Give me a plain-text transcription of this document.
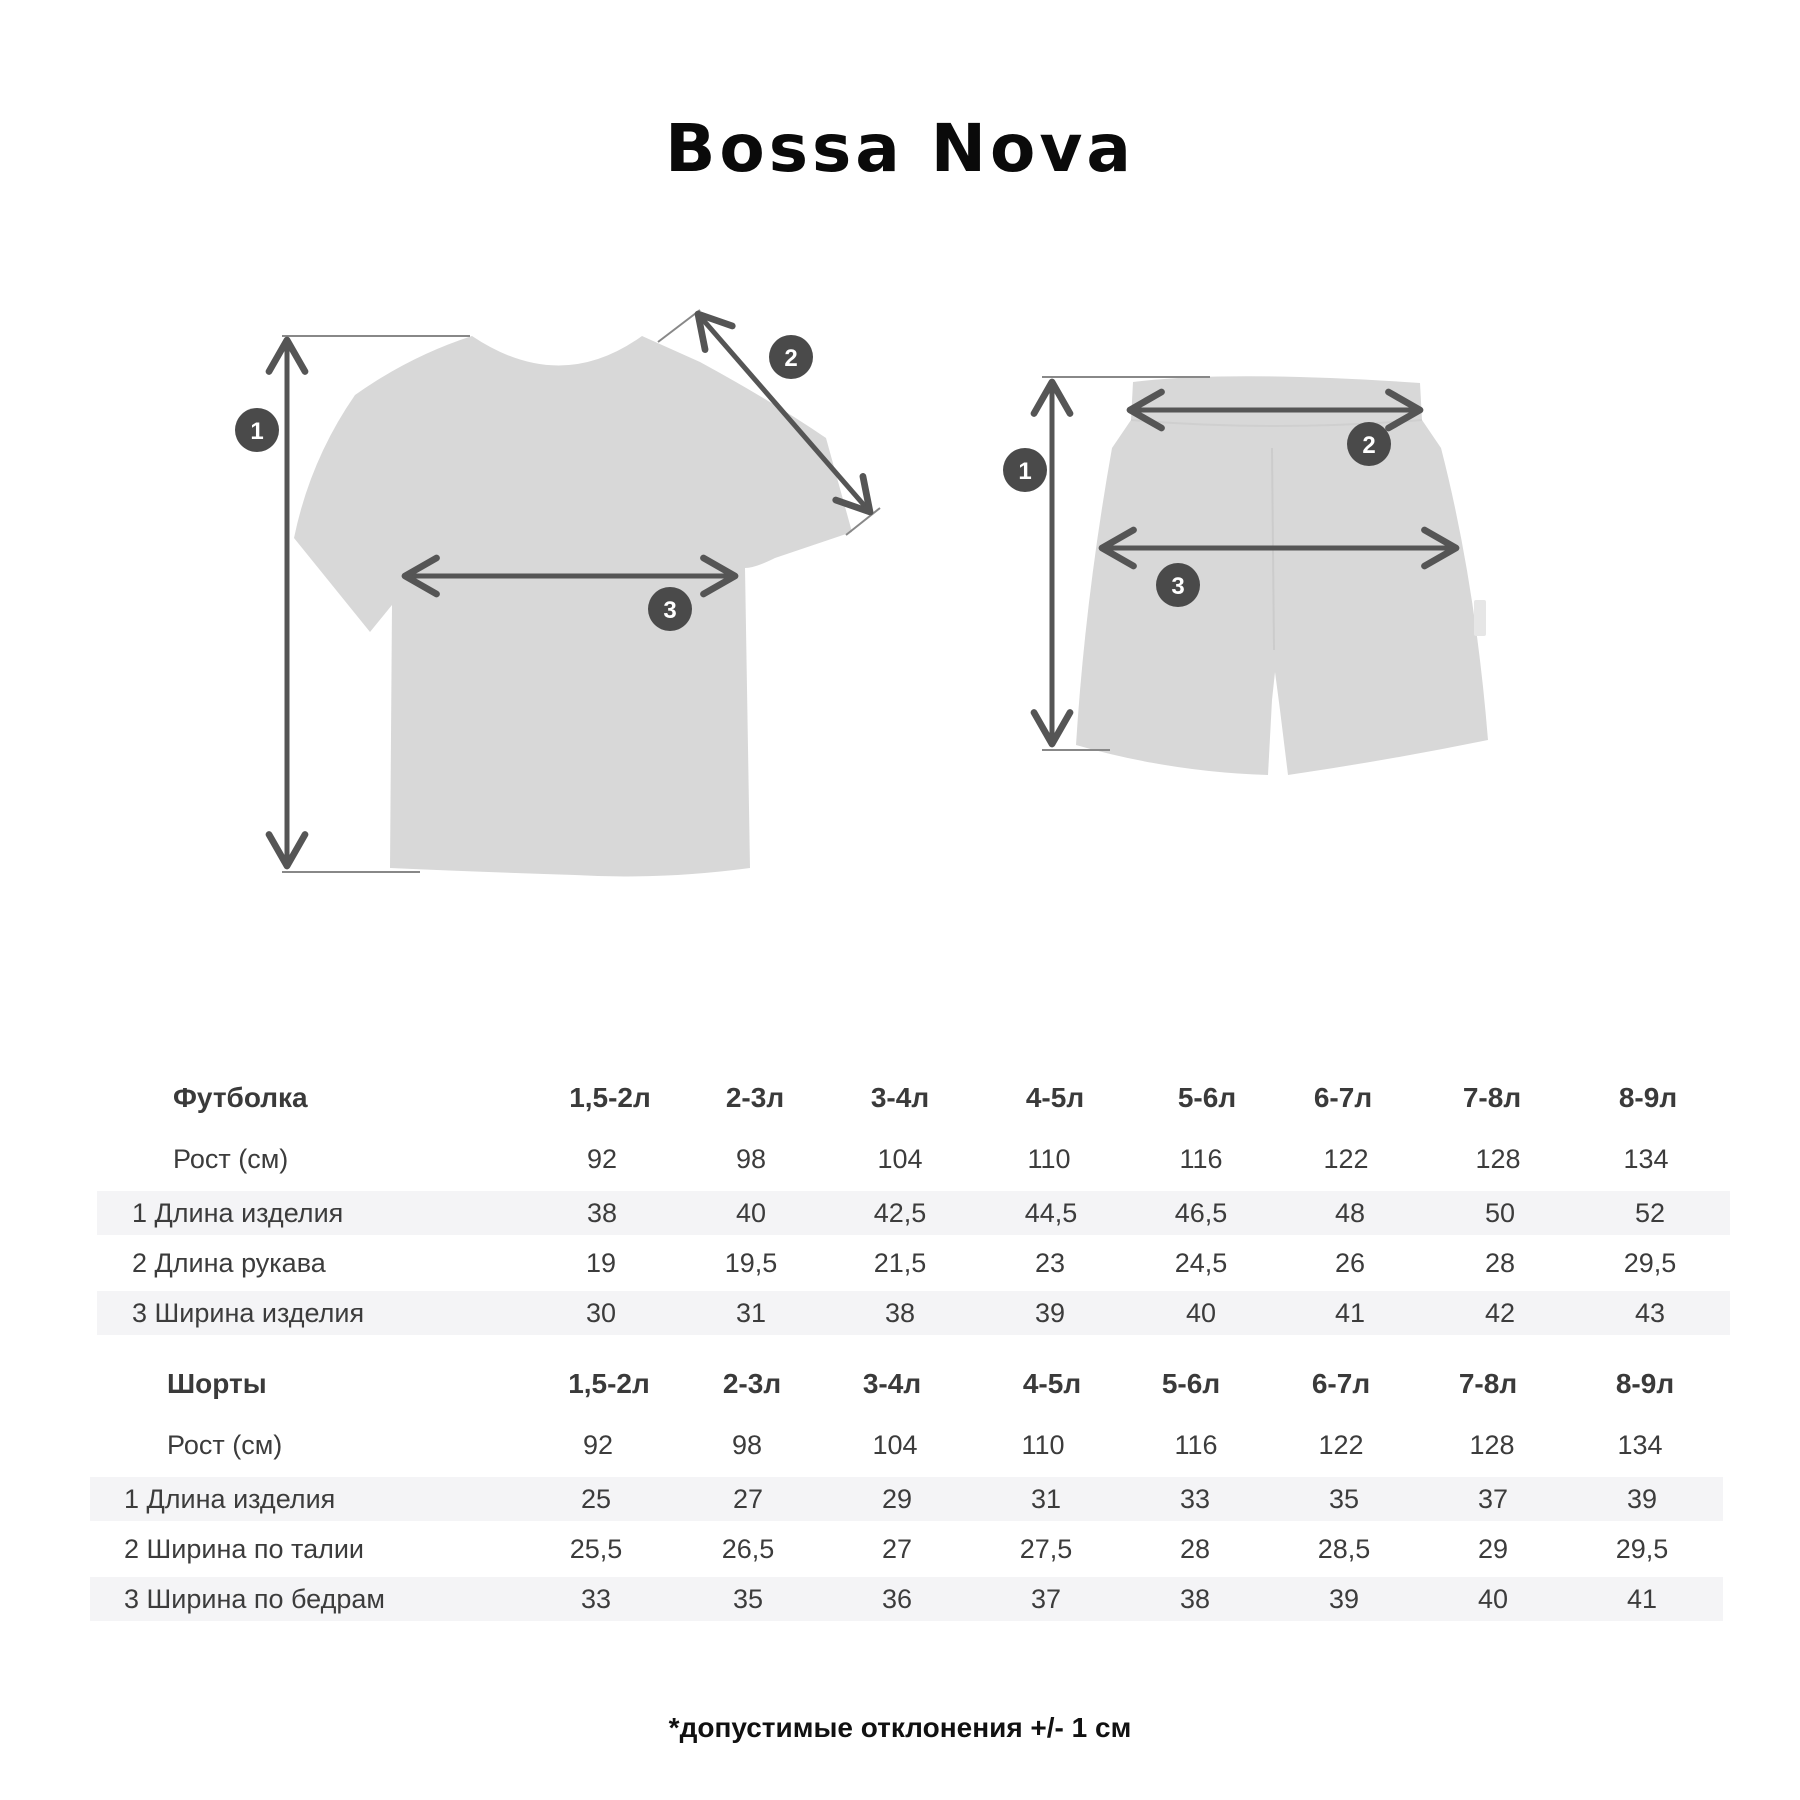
Bossa Nova
1
2
3
1
2
3
Футболка	1,5-2л	2-3л	3-4л	4-5л	5-6л	6-7л	7-8л	8-9л
Рост (см)	92	98	104	110	116	122	128	134
1 Длина изделия	38	40	42,5	44,5	46,5	48	50	52
2 Длина рукава	19	19,5	21,5	23	24,5	26	28	29,5
3 Ширина изделия	30	31	38	39	40	41	42	43
Шорты	1,5-2л	2-3л	3-4л	4-5л	5-6л	6-7л	7-8л	8-9л
Рост (см)	92	98	104	110	116	122	128	134
1 Длина изделия	25	27	29	31	33	35	37	39
2 Ширина по талии	25,5	26,5	27	27,5	28	28,5	29	29,5
3 Ширина по бедрам	33	35	36	37	38	39	40	41
*допустимые отклонения +/- 1 см
